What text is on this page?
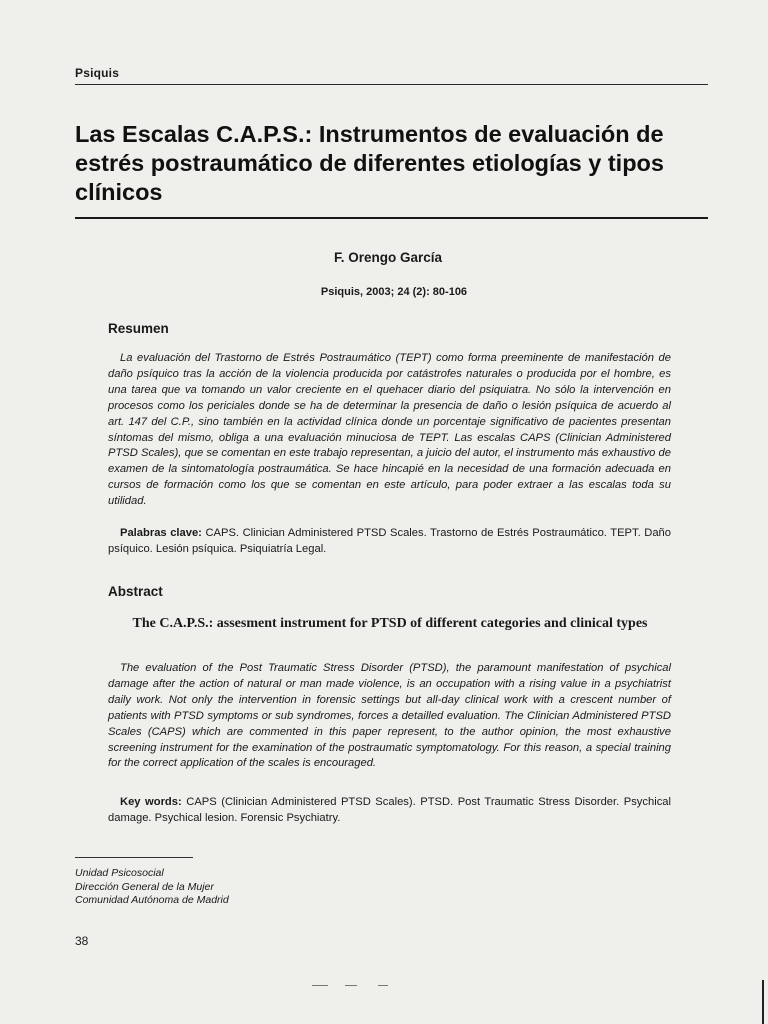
Psiquis
Las Escalas C.A.P.S.: Instrumentos de evaluación de estrés postraumático de diferentes etiologías y tipos clínicos
F. Orengo García
Psiquis, 2003; 24 (2): 80-106
Resumen

La evaluación del Trastorno de Estrés Postraumático (TEPT) como forma preeminente de manifestación de daño psíquico tras la acción de la violencia producida por catástrofes naturales o producida por el hombre, es una tarea que va tomando un valor creciente en el quehacer diario del psiquiatra. No sólo la intervención en procesos como los periciales donde se ha de determinar la presencia de daño o lesión psíquica de acuerdo al art. 147 del C.P., sino también en la actividad clínica donde un porcentaje significativo de pacientes presentan síntomas del mismo, obliga a una evaluación minuciosa de TEPT. Las escalas CAPS (Clinician Administered PTSD Scales), que se comentan en este trabajo representan, a juicio del autor, el instrumento más exhaustivo de examen de la sintomatología postraumática. Se hace hincapié en la necesidad de una formación adecuada en cursos de formación como los que se comentan en este artículo, para poder extraer a las escalas toda su utilidad.

Palabras clave: CAPS. Clinician Administered PTSD Scales. Trastorno de Estrés Postraumático. TEPT. Daño psíquico. Lesión psíquica. Psiquiatría Legal.

Abstract

The C.A.P.S.: assesment instrument for PTSD of different categories and clinical types

The evaluation of the Post Traumatic Stress Disorder (PTSD), the paramount manifestation of psychical damage after the action of natural or man made violence, is an occupation with a rising value in a psychiatrist daily work. Not only the intervention in forensic settings but all-day clinical work with a crescent number of patients with PTSD symptoms or sub syndromes, forces a detailled evaluation. The Clinician Administered PTSD Scales (CAPS) which are commented in this paper represent, to the author opinion, the most exhaustive screening instrument for the examination of the postraumatic symptomatology. For this reason, a special training for the correct application of the scales is encouraged.

Key words: CAPS (Clinician Administered PTSD Scales). PTSD. Post Traumatic Stress Disorder. Psychical damage. Psychical lesion. Forensic Psychiatry.

Unidad Psicosocial
Dirección General de la Mujer
Comunidad Autónoma de Madrid

38
